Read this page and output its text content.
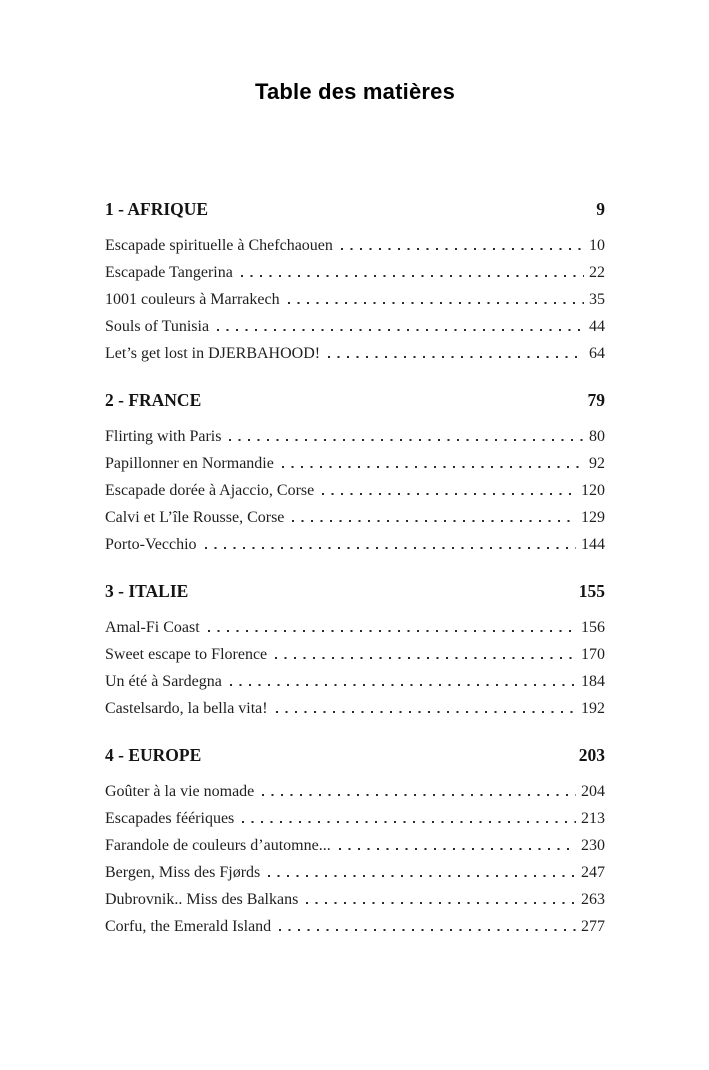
Table des matières
1 - AFRIQUE	9
Escapade spirituelle à Chefchaouen	10
Escapade Tangerina	22
1001 couleurs à Marrakech	35
Souls of Tunisia	44
Let’s get lost in DJERBAHOOD!	64
2 - FRANCE	79
Flirting with Paris	80
Papillonner en Normandie	92
Escapade dorée à Ajaccio, Corse	120
Calvi et L’île Rousse, Corse	129
Porto-Vecchio	144
3 - ITALIE	155
Amal-Fi Coast	156
Sweet escape to Florence	170
Un été à Sardegna	184
Castelsardo, la bella vita!	192
4 - EUROPE	203
Goûter à la vie nomade	204
Escapades féériques	213
Farandole de couleurs d’automne...	230
Bergen, Miss des Fjørds	247
Dubrovnik.. Miss des Balkans	263
Corfu, the Emerald Island	277
